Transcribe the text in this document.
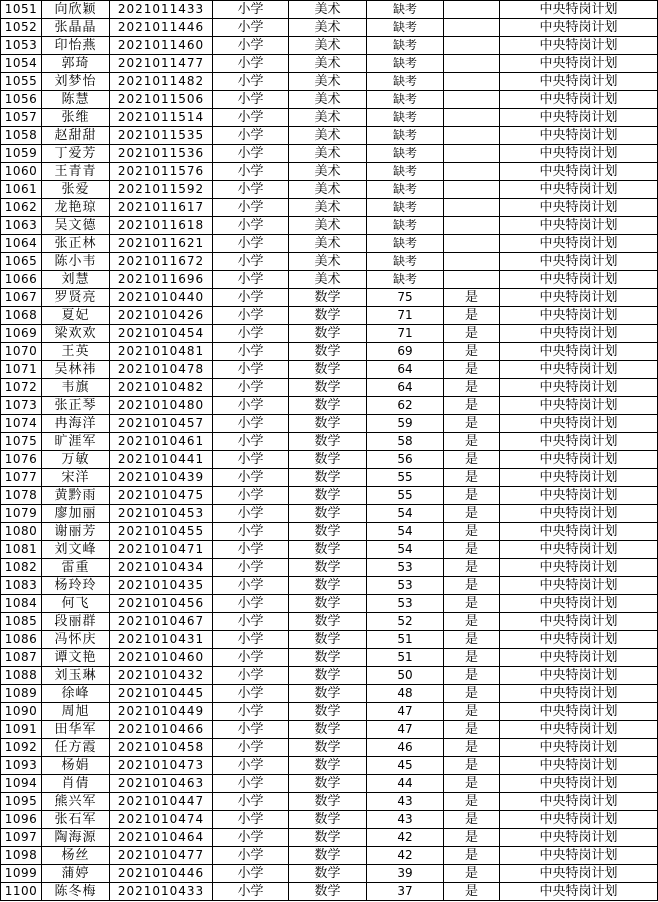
1051	向欣颖	2021011433	小学	美术	缺考		中央特岗计划
1052	张晶晶	2021011446	小学	美术	缺考		中央特岗计划
1053	印怡燕	2021011460	小学	美术	缺考		中央特岗计划
1054	郭琦	2021011477	小学	美术	缺考		中央特岗计划
1055	刘梦怡	2021011482	小学	美术	缺考		中央特岗计划
1056	陈慧	2021011506	小学	美术	缺考		中央特岗计划
1057	张维	2021011514	小学	美术	缺考		中央特岗计划
1058	赵甜甜	2021011535	小学	美术	缺考		中央特岗计划
1059	丁爱芳	2021011536	小学	美术	缺考		中央特岗计划
1060	王青青	2021011576	小学	美术	缺考		中央特岗计划
1061	张爱	2021011592	小学	美术	缺考		中央特岗计划
1062	龙艳琼	2021011617	小学	美术	缺考		中央特岗计划
1063	吴文德	2021011618	小学	美术	缺考		中央特岗计划
1064	张正林	2021011621	小学	美术	缺考		中央特岗计划
1065	陈小韦	2021011672	小学	美术	缺考		中央特岗计划
1066	刘慧	2021011696	小学	美术	缺考		中央特岗计划
1067	罗贤亮	2021010440	小学	数学	75	是	中央特岗计划
1068	夏妃	2021010426	小学	数学	71	是	中央特岗计划
1069	梁欢欢	2021010454	小学	数学	71	是	中央特岗计划
1070	王英	2021010481	小学	数学	69	是	中央特岗计划
1071	吴林祎	2021010478	小学	数学	64	是	中央特岗计划
1072	韦旗	2021010482	小学	数学	64	是	中央特岗计划
1073	张正琴	2021010480	小学	数学	62	是	中央特岗计划
1074	冉海洋	2021010457	小学	数学	59	是	中央特岗计划
1075	旷涯军	2021010461	小学	数学	58	是	中央特岗计划
1076	万敏	2021010441	小学	数学	56	是	中央特岗计划
1077	宋洋	2021010439	小学	数学	55	是	中央特岗计划
1078	黄黔雨	2021010475	小学	数学	55	是	中央特岗计划
1079	廖加丽	2021010453	小学	数学	54	是	中央特岗计划
1080	谢丽芳	2021010455	小学	数学	54	是	中央特岗计划
1081	刘文峰	2021010471	小学	数学	54	是	中央特岗计划
1082	雷重	2021010434	小学	数学	53	是	中央特岗计划
1083	杨玲玲	2021010435	小学	数学	53	是	中央特岗计划
1084	何飞	2021010456	小学	数学	53	是	中央特岗计划
1085	段丽群	2021010467	小学	数学	52	是	中央特岗计划
1086	冯怀庆	2021010431	小学	数学	51	是	中央特岗计划
1087	谭文艳	2021010460	小学	数学	51	是	中央特岗计划
1088	刘玉琳	2021010432	小学	数学	50	是	中央特岗计划
1089	徐峰	2021010445	小学	数学	48	是	中央特岗计划
1090	周旭	2021010449	小学	数学	47	是	中央特岗计划
1091	田华军	2021010466	小学	数学	47	是	中央特岗计划
1092	任方霞	2021010458	小学	数学	46	是	中央特岗计划
1093	杨娟	2021010473	小学	数学	45	是	中央特岗计划
1094	肖倩	2021010463	小学	数学	44	是	中央特岗计划
1095	熊兴军	2021010447	小学	数学	43	是	中央特岗计划
1096	张石军	2021010474	小学	数学	43	是	中央特岗计划
1097	陶海源	2021010464	小学	数学	42	是	中央特岗计划
1098	杨丝	2021010477	小学	数学	42	是	中央特岗计划
1099	蒲婷	2021010446	小学	数学	39	是	中央特岗计划
1100	陈冬梅	2021010433	小学	数学	37	是	中央特岗计划
